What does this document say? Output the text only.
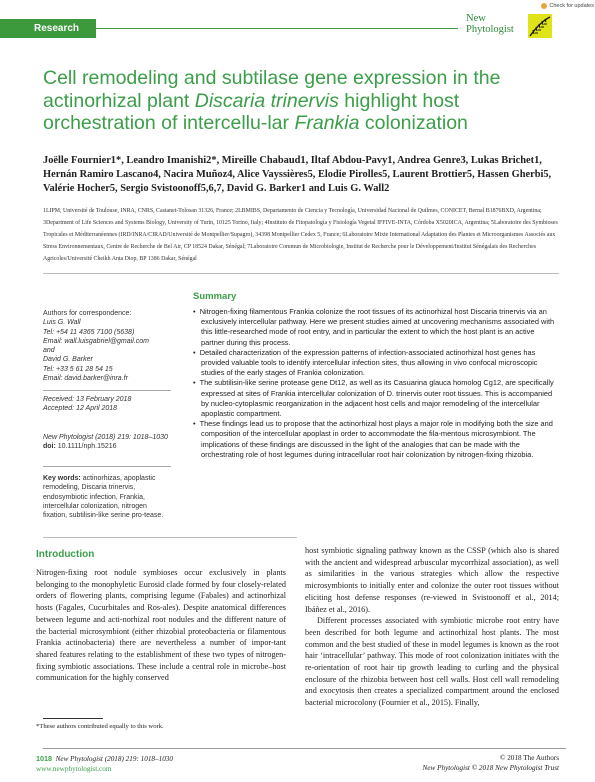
Research
Check for updates
New
Phytologist
Cell remodeling and subtilase gene expression in the actinorhizal plant Discaria trinervis highlight host orchestration of intercellu-lar Frankia colonization
Joëlle Fournier1*, Leandro Imanishi2*, Mireille Chabaud1, Iltaf Abdou-Pavy1, Andrea Genre3, Lukas Brichet1,
Hernán Ramiro Lascano4, Nacira Muñoz4, Alice Vayssières5, Elodie Pirolles5, Laurent Brottier5, Hassen Gherbi5,
Valérie Hocher5, Sergio Svistoonoff5,6,7, David G. Barker1 and Luis G. Wall2
1LIPM, Université de Toulouse, INRA, CNRS, Castanet-Tolosan 31326, France; 2LBMIBS, Departamento de Ciencia y Tecnología, Universidad Nacional de Quilmes, CONICET, Bernal B1876BXD, Argentina; 3Department of Life Sciences and Systems Biology, University of Turin, 10125 Torino, Italy; 4Instituto de Fitopatología y Fisiología Vegetal IFFIVE-INTA, Córdoba X5020ICA, Argentina; 5Laboratoire des Symbioses Tropicales et Méditerranéennes (IRD/INRA/CIRAD/Université de Montpellier/Supagro), 34398 Montpellier Cedex 5, France; 6Laboratoire Mixte International Adaptation des Plantes et Microorganismes Associés aux Stress Environnementaux, Centre de Recherche de Bel Air, CP 18524 Dakar, Sénégal; 7Laboratoire Commun de Microbiologie, Institut de Recherche pour le Développement/Institut Sénégalais des Recherches Agricoles/Université Cheikh Anta Diop, BP 1386 Dakar, Sénégal
Authors for correspondence:
Luis G. Wall
Tel: +54 11 4365 7100 (5638)
Email: wall.luisgabriel@gmail.com
and
David G. Barker
Tel: +33 5 61 28 54 15
Email: david.barker@inra.fr
Received: 13 February 2018
Accepted: 12 April 2018
New Phytologist (2018) 219: 1018–1030
doi: 10.1111/nph.15216
Key words: actinorhizas, apoplastic remodeling, Discaria trinervis, endosymbiotic infection, Frankia, intercellular colonization, nitrogen fixation, subtilisin-like serine pro-tease.
Summary

•  Nitrogen-fixing filamentous Frankia colonize the root tissues of its actinorhizal host Discaria trinervis via an exclusively intercellular pathway. Here we present studies aimed at uncovering mechanisms associated with this little-researched mode of root entry, and in particular the extent to which the host plant is an active partner during this process.

•  Detailed characterization of the expression patterns of infection-associated actinorhizal host genes has provided valuable tools to identify intercellular infection sites, thus allowing in vivo confocal microscopic studies of the early stages of Frankia colonization.

•  The subtilisin-like serine protease gene Dt12, as well as its Casuarina glauca homolog Cg12, are specifically expressed at sites of Frankia intercellular colonization of D. trinervis outer root tissues. This is accompanied by nucleo-cytoplasmic reorganization in the adjacent host cells and major remodeling of the intercellular apoplastic compartment.

•  These findings lead us to propose that the actinorhizal host plays a major role in modifying both the size and composition of the intercellular apoplast in order to accommodate the fila-mentous microsymbiont. The implications of these findings are discussed in the light of the analogies that can be made with the orchestrating role of host legumes during intracellular root hair colonization by nitrogen-fixing rhizobia.

Introduction

Nitrogen-fixing root nodule symbioses occur exclusively in plants belonging to the monophyletic Eurosid clade formed by four closely-related orders of flowering plants, comprising legume (Fabales) and actinorhizal hosts (Fagales, Cucurbitales and Ros-ales). Despite anatomical differences between legume and acti-norhizal root nodules and the different nature of the bacterial microsymbiont (either rhizobial proteobacteria or filamentous Frankia actinobacteria) there are nevertheless a number of impor-tant shared features relating to the establishment of these two types of nitrogen-fixing symbiotic associations. These include a central role in microbe–host communication for the highly conserved

host symbiotic signaling pathway known as the CSSP (which also is shared with the ancient and widespread arbuscular mycorrhizal association), as well as similarities in the various strategies which allow the respective microsymbionts to initially enter and colonize the outer root tissues without eliciting host defense responses (re-viewed in Svistoonoff et al., 2014; Ibáñez et al., 2016).

Different processes associated with symbiotic microbe root entry have been described for both legume and actinorhizal host plants. The most common and the best studied of these in model legumes is known as the root hair ‘intracellular’ pathway. This mode of root colonization initiates with the re-orientation of root hair tip growth leading to curling and the physical enclosure of the rhizobia between host cell walls. Host cell wall remodeling and exocytosis then creates a specialized compartment around the enclosed bacterial microcolony (Fournier et al., 2015). Finally,

*These authors contributed equally to this work.
1018 New Phytologist (2018) 219: 1018–1030
www.newphytologist.com
© 2018 The Authors
New Phytologist © 2018 New Phytologist Trust
